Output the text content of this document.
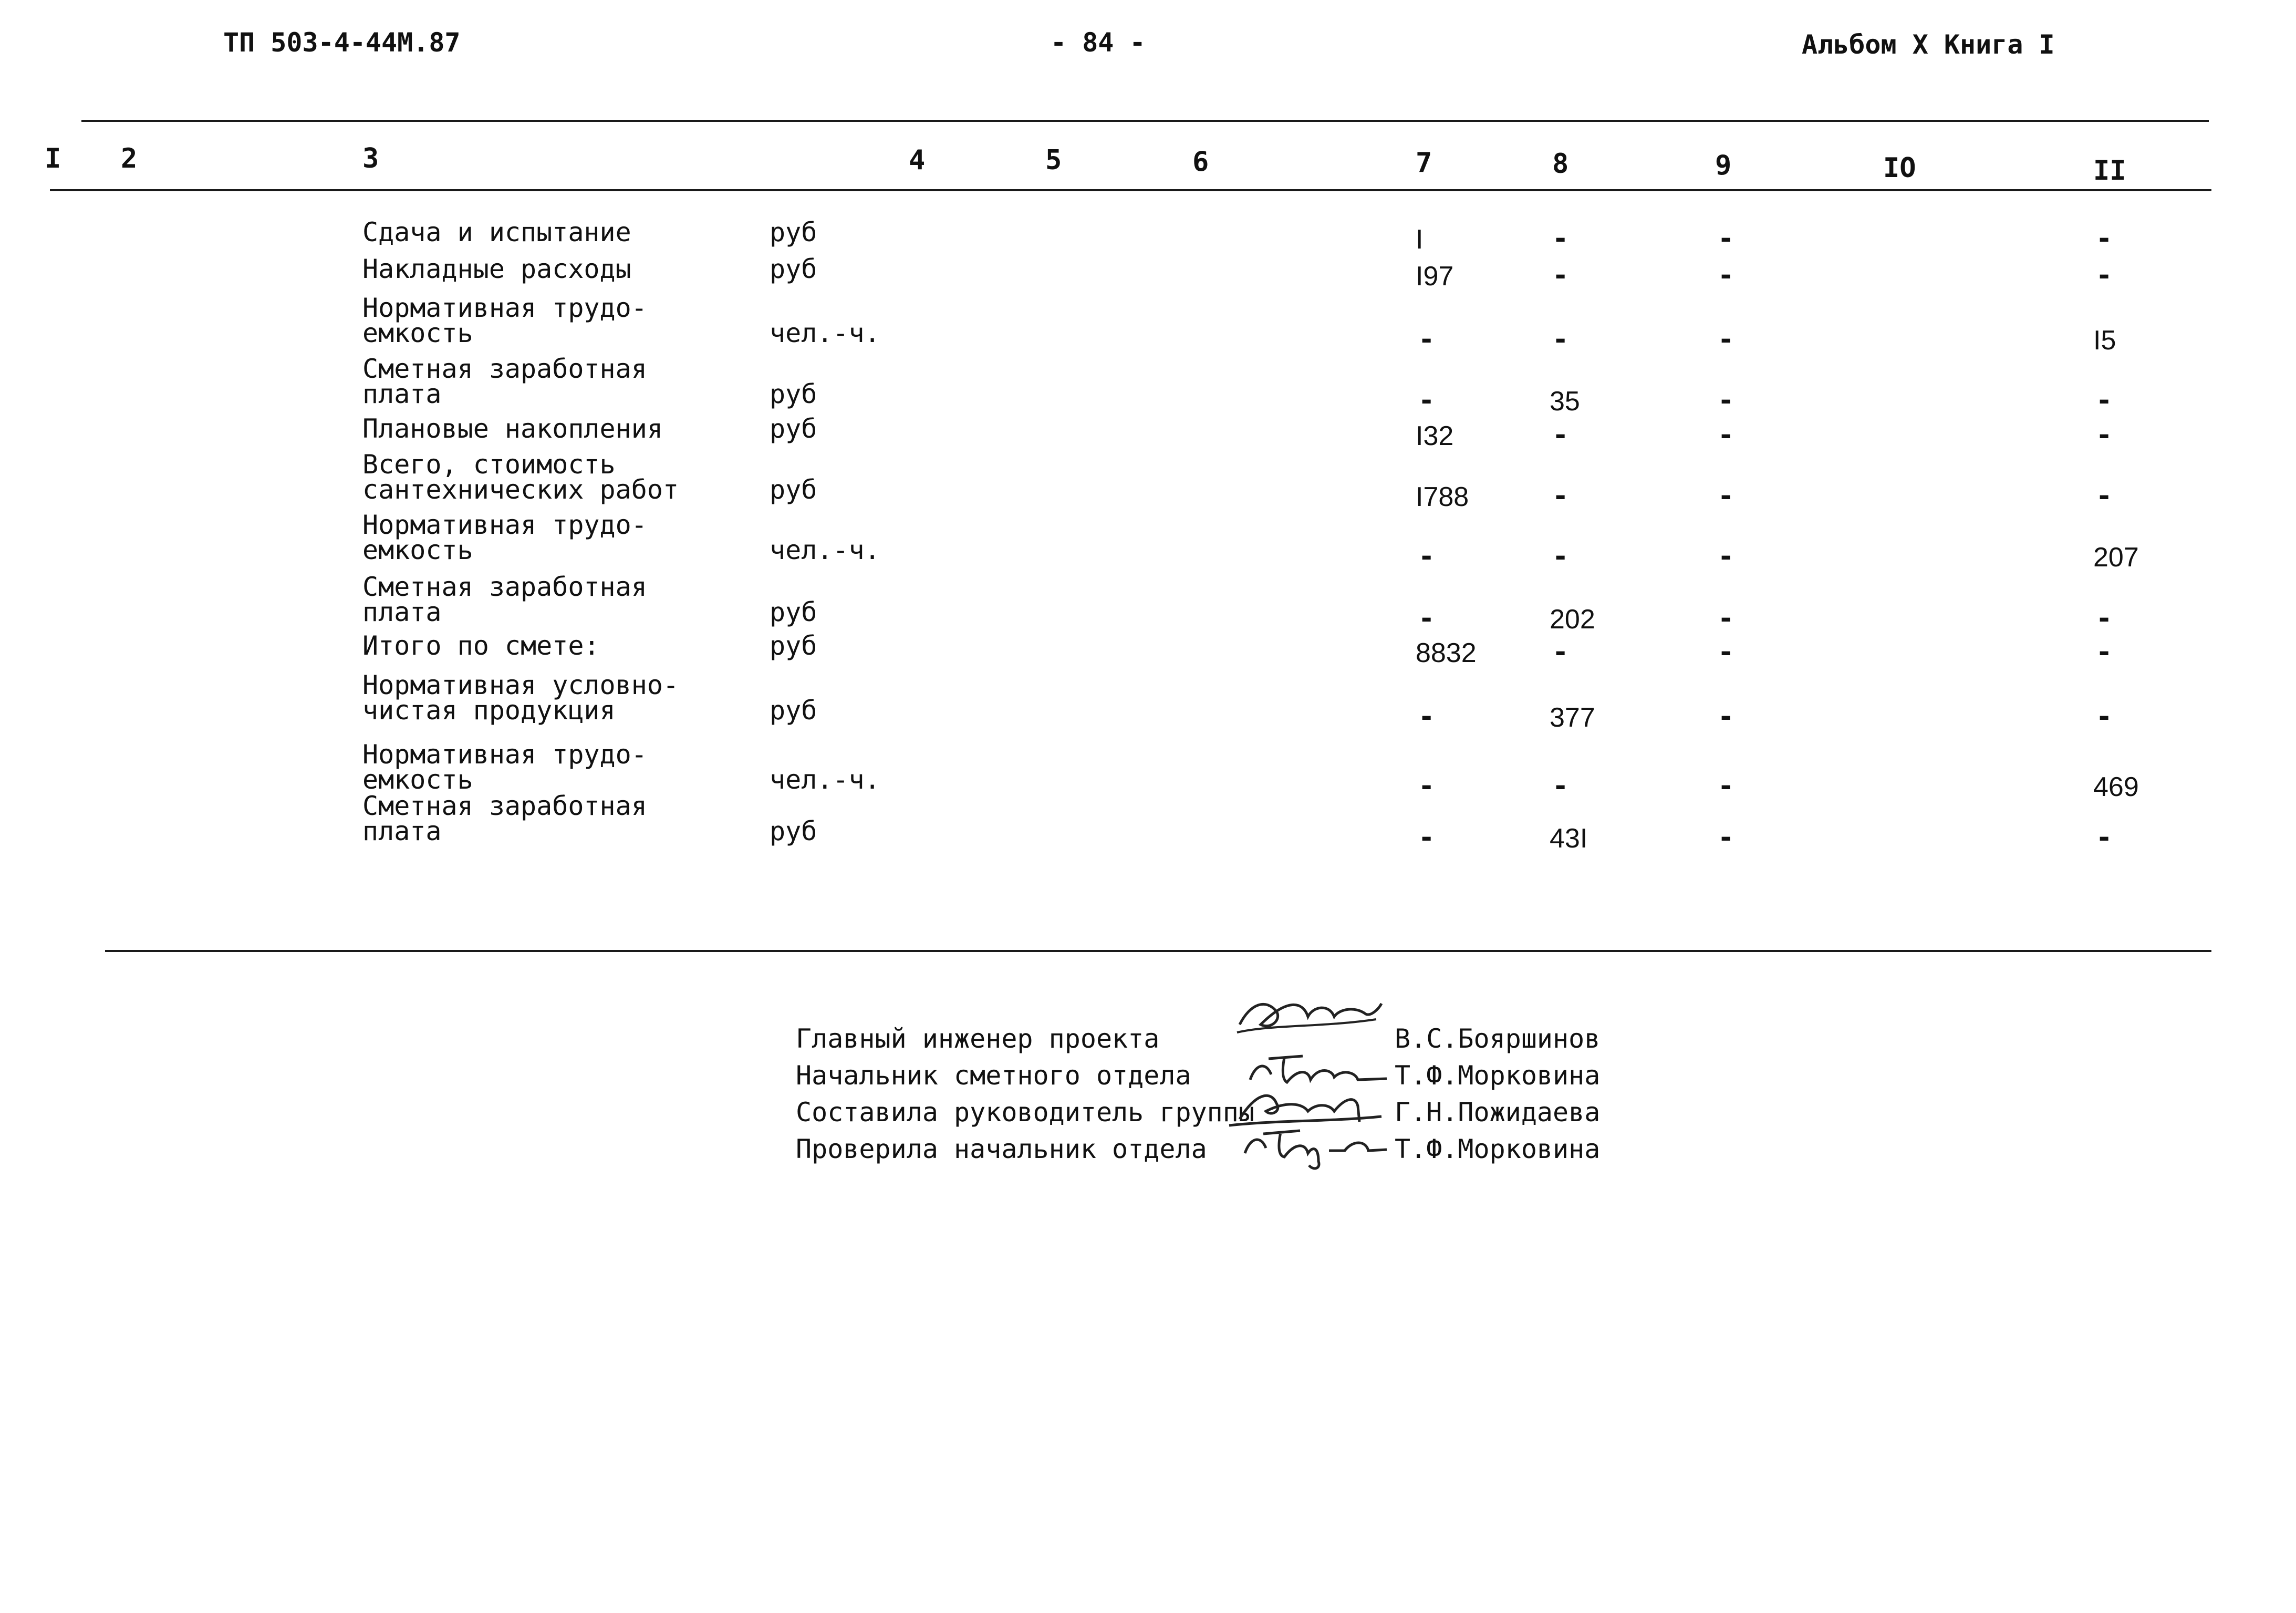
ТП 503-4-44М.87	- 84 -	Альбом X Книга I
I 2	3	4	5	6	7	8	9	IO	II
Сдача и испытание	руб	I	-	-	-
Накладные расходы	руб	I97	-	-	-
Нормативная трудо-
емкость	чел.-ч.	-	-	-	I5
Сметная заработная
плата	руб	-	35	-	-
Плановые накопления	руб	I32	-	-	-
Всего, стоимость
сантехнических работ	руб	I788	-	-	-
Нормативная трудо-
емкость	чел.-ч.	-	-	-	207
Сметная заработная
плата	руб	-	202	-	-
Итого по смете:	руб	8832	-	-	-
Нормативная условно-
чистая продукция	руб	-	377	-	-
Нормативная трудо-
емкость	чел.-ч.	-	-	-	469
Сметная заработная
плата	руб	-	43I	-	-
Главный инженер проекта	В.С.Бояршинов
Начальник сметного отдела	Т.Ф.Морковина
Составила руководитель группы	Г.Н.Пожидаева
Проверила начальник отдела	Т.Ф.Морковина
